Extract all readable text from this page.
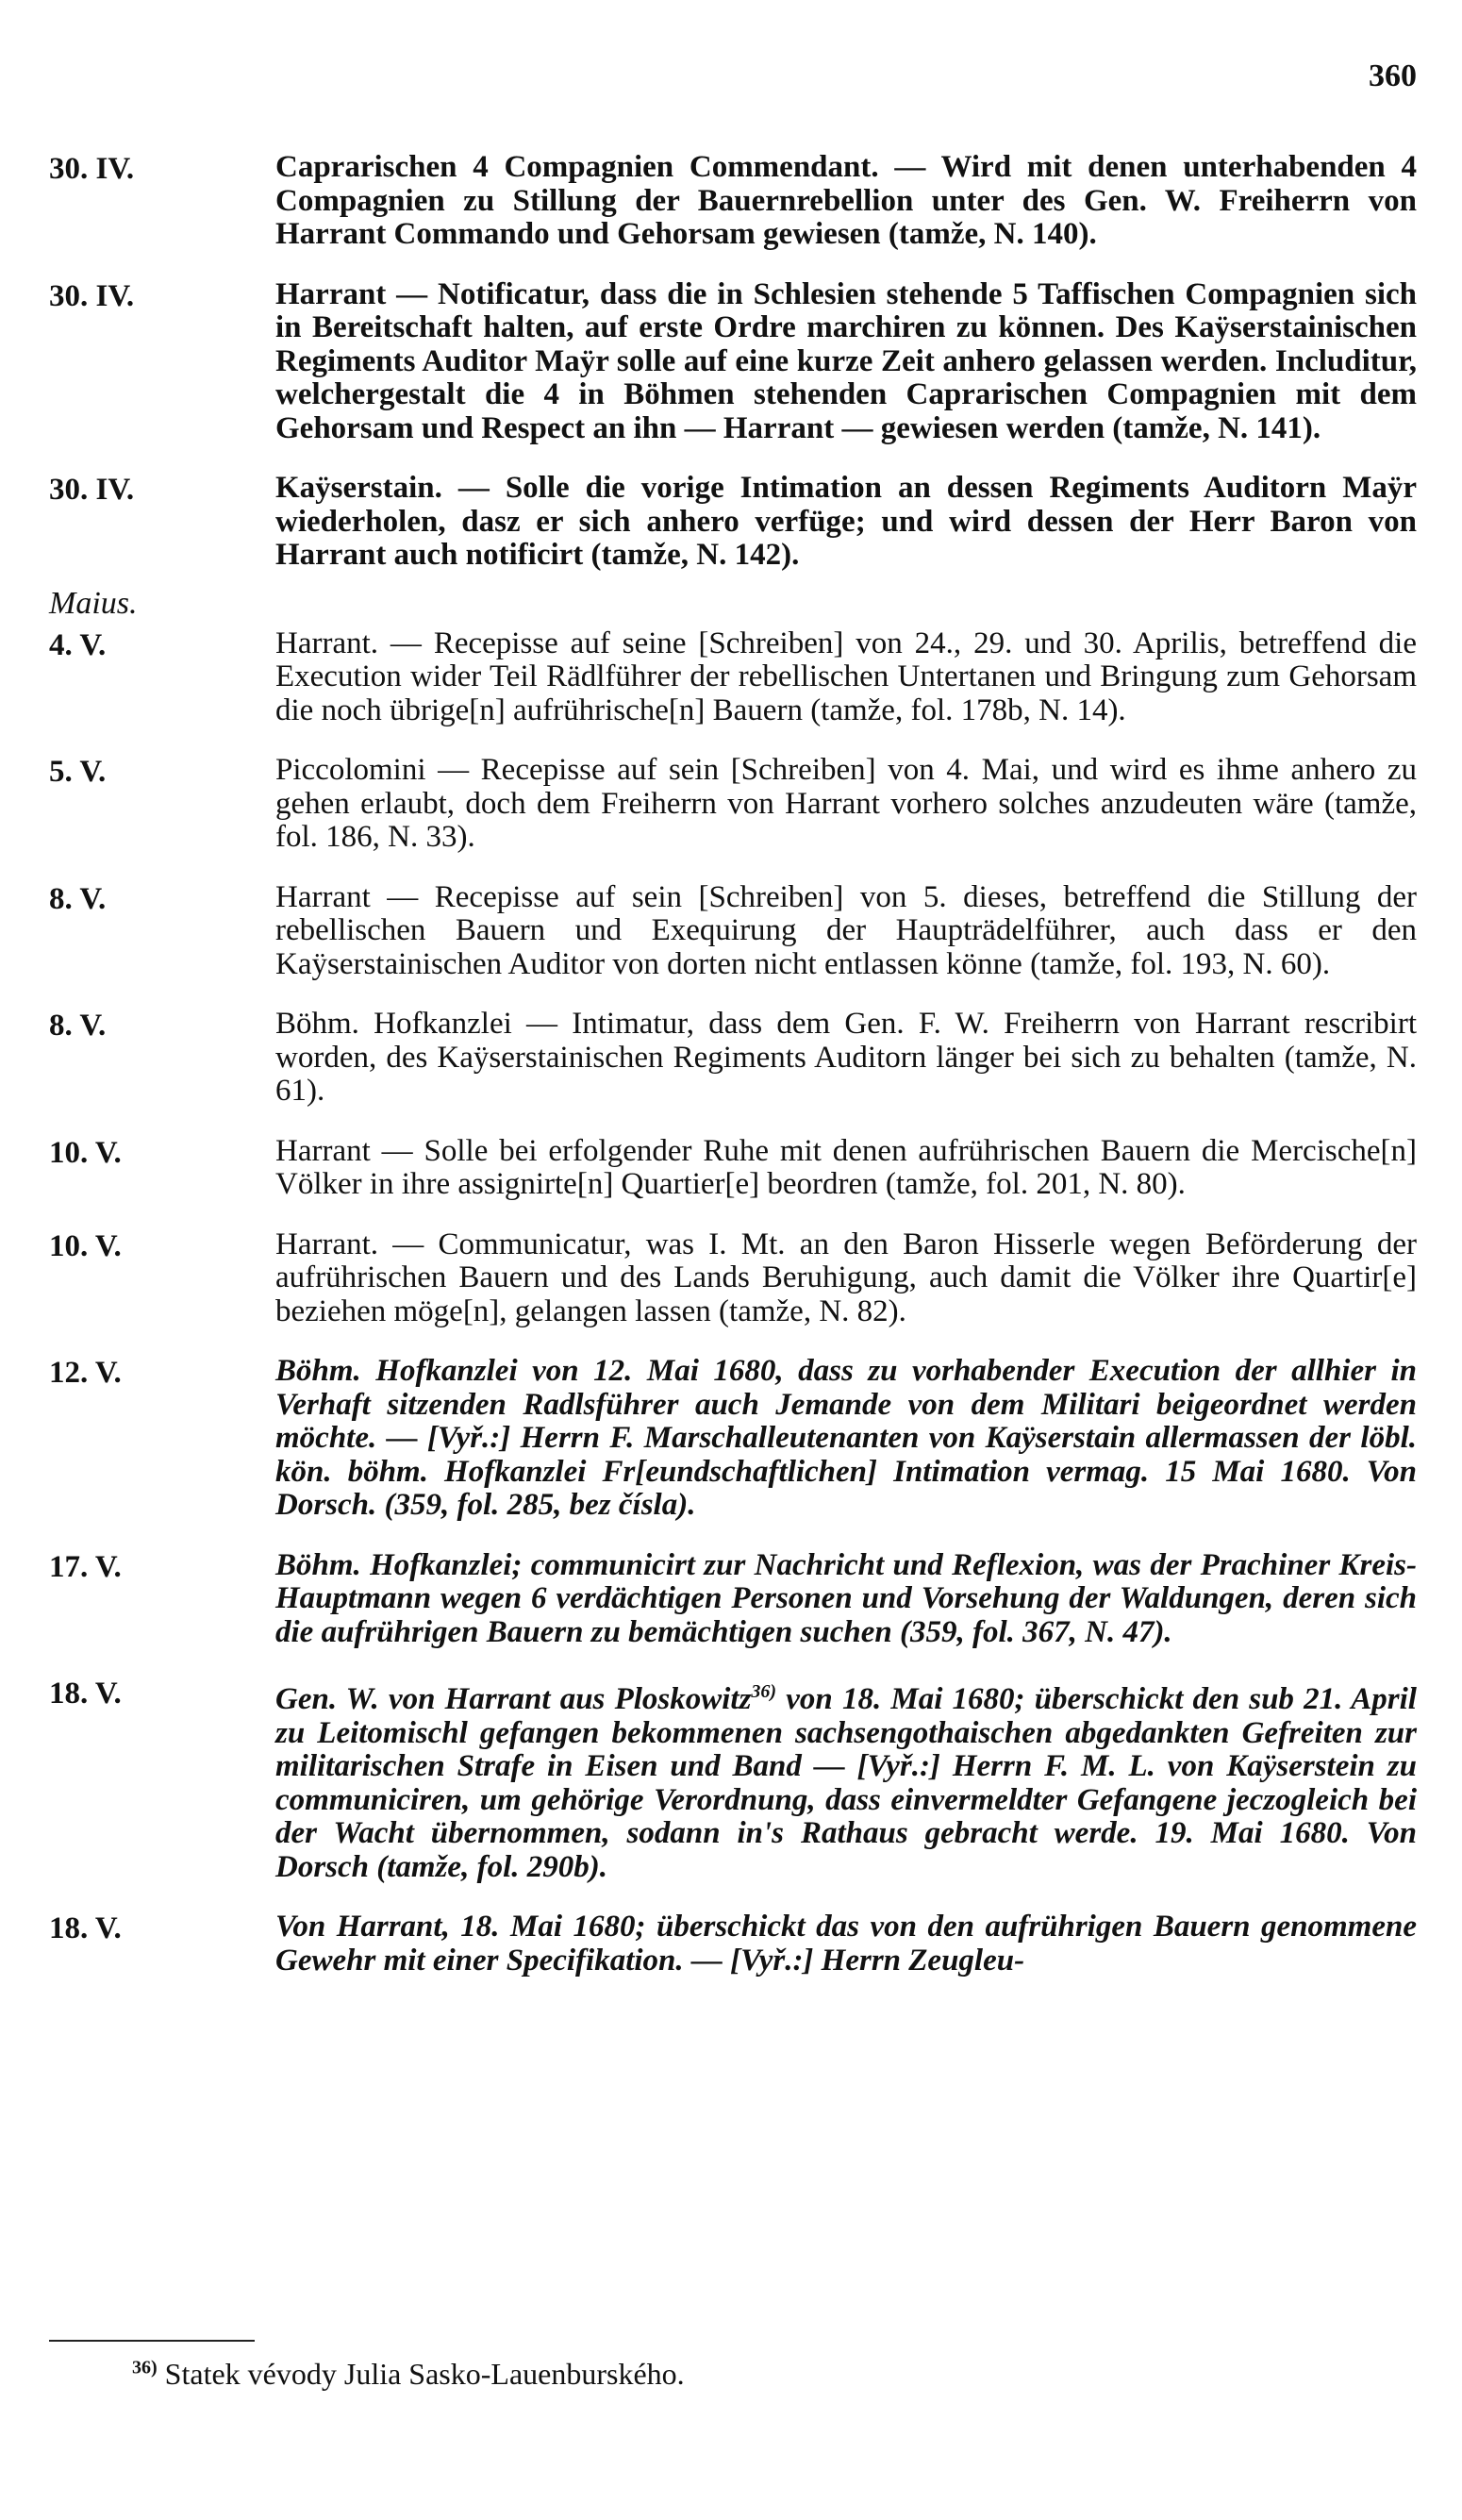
360
30. IV.	Caprarischen 4 Compagnien Commendant. — Wird mit denen unterhabenden 4 Compagnien zu Stillung der Bauernrebellion unter des Gen. W. Freiherrn von Harrant Commando und Gehorsam gewiesen (tamže, N. 140).
30. IV.	Harrant — Notificatur, dass die in Schlesien stehende 5 Taffischen Compagnien sich in Bereitschaft halten, auf erste Ordre marchiren zu können. Des Kaÿserstainischen Regiments Auditor Maÿr solle auf eine kurze Zeit anhero gelassen werden. Includitur, welchergestalt die 4 in Böhmen stehenden Caprarischen Compagnien mit dem Gehorsam und Respect an ihn — Harrant — gewiesen werden (tamže, N. 141).
30. IV.	Kaÿserstain. — Solle die vorige Intimation an dessen Regiments Auditorn Maÿr wiederholen, dasz er sich anhero verfüge; und wird dessen der Herr Baron von Harrant auch notificirt (tamže, N. 142).
Maius.
4. V.	Harrant. — Recepisse auf seine [Schreiben] von 24., 29. und 30. Aprilis, betreffend die Execution wider Teil Rädlführer der rebellischen Untertanen und Bringung zum Gehorsam die noch übrige[n] aufrührische[n] Bauern (tamže, fol. 178b, N. 14).
5. V.	Piccolomini — Recepisse auf sein [Schreiben] von 4. Mai, und wird es ihme anhero zu gehen erlaubt, doch dem Freiherrn von Harrant vorhero solches anzudeuten wäre (tamže, fol. 186, N. 33).
8. V.	Harrant — Recepisse auf sein [Schreiben] von 5. dieses, betreffend die Stillung der rebellischen Bauern und Exequirung der Haupträdelführer, auch dass er den Kaÿserstainischen Auditor von dorten nicht entlassen könne (tamže, fol. 193, N. 60).
8. V.	Böhm. Hofkanzlei — Intimatur, dass dem Gen. F. W. Freiherrn von Harrant rescribirt worden, des Kaÿserstainischen Regiments Auditorn länger bei sich zu behalten (tamže, N. 61).
10. V.	Harrant — Solle bei erfolgender Ruhe mit denen aufrührischen Bauern die Mercische[n] Völker in ihre assignirte[n] Quartier[e] beordren (tamže, fol. 201, N. 80).
10. V.	Harrant. — Communicatur, was I. Mt. an den Baron Hisserle wegen Beförderung der aufrührischen Bauern und des Lands Beruhigung, auch damit die Völker ihre Quartir[e] beziehen möge[n], gelangen lassen (tamže, N. 82).
12. V.	Böhm. Hofkanzlei von 12. Mai 1680, dass zu vorhabender Execution der allhier in Verhaft sitzenden Radlsführer auch Jemande von dem Militari beigeordnet werden möchte. — [Vyř.:] Herrn F. Marschalleutenanten von Kaÿserstain allermassen der löbl. kön. böhm. Hofkanzlei Fr[eundschaftlichen] Intimation vermag. 15 Mai 1680. Von Dorsch. (359, fol. 285, bez čísla).
17. V.	Böhm. Hofkanzlei; communicirt zur Nachricht und Reflexion, was der Prachiner Kreis-Hauptmann wegen 6 verdächtigen Personen und Vorsehung der Waldungen, deren sich die aufrührigen Bauern zu bemächtigen suchen (359, fol. 367, N. 47).
18. V.	Gen. W. von Harrant aus Ploskowitz$^{36)}$ von 18. Mai 1680; überschickt den sub 21. April zu Leitomischl gefangen bekommenen sachsengothaischen abgedankten Gefreiten zur militarischen Strafe in Eisen und Band — [Vyř.:] Herrn F. M. L. von Kaÿserstein zu communiciren, um gehörige Verordnung, dass einvermeldter Gefangene jeczogleich bei der Wacht übernommen, sodann in's Rathaus gebracht werde. 19. Mai 1680. Von Dorsch (tamže, fol. 290b).
18. V.	Von Harrant, 18. Mai 1680; überschickt das von den aufrührigen Bauern genommene Gewehr mit einer Specifikation. — [Vyř.:] Herrn Zeugleu-
$^{36)}$ Statek vévody Julia Sasko-Lauenburského.
